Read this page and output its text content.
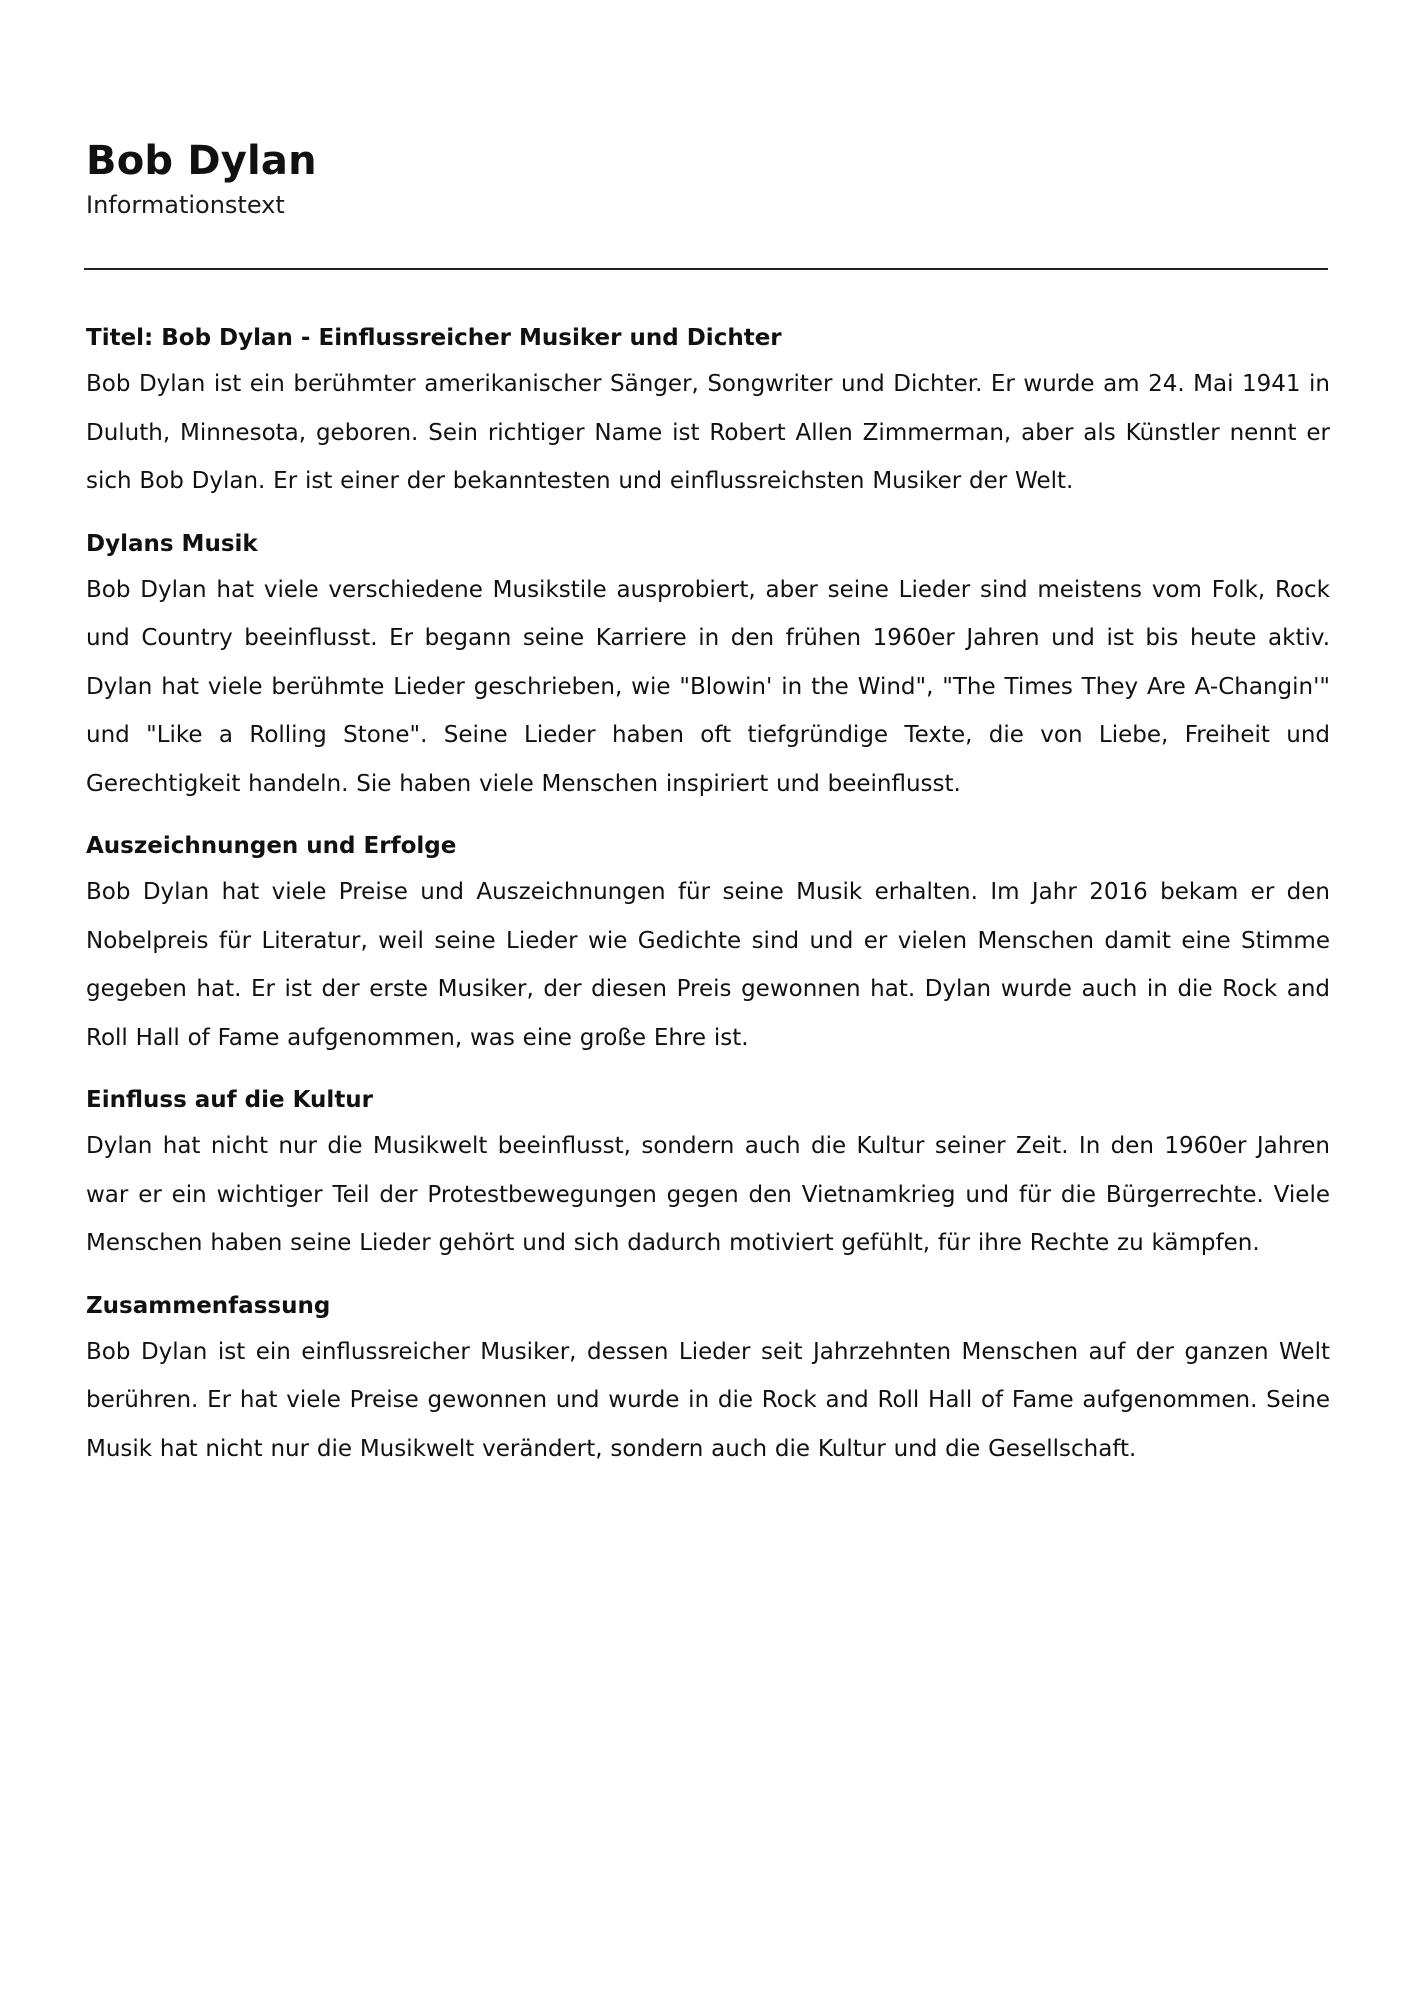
Bob Dylan

Informationstext

Titel: Bob Dylan - Einflussreicher Musiker und Dichter

Bob Dylan ist ein berühmter amerikanischer Sänger, Songwriter und Dichter. Er wurde am 24. Mai 1941 in Duluth, Minnesota, geboren. Sein richtiger Name ist Robert Allen Zimmerman, aber als Künstler nennt er sich Bob Dylan. Er ist einer der bekanntesten und einflussreichsten Musiker der Welt.

Dylans Musik

Bob Dylan hat viele verschiedene Musikstile ausprobiert, aber seine Lieder sind meistens vom Folk, Rock und Country beeinflusst. Er begann seine Karriere in den frühen 1960er Jahren und ist bis heute aktiv. Dylan hat viele berühmte Lieder geschrieben, wie "Blowin' in the Wind", "The Times They Are A-Changin'" und "Like a Rolling Stone". Seine Lieder haben oft tiefgründige Texte, die von Liebe, Freiheit und Gerechtigkeit handeln. Sie haben viele Menschen inspiriert und beeinflusst.

Auszeichnungen und Erfolge

Bob Dylan hat viele Preise und Auszeichnungen für seine Musik erhalten. Im Jahr 2016 bekam er den Nobelpreis für Literatur, weil seine Lieder wie Gedichte sind und er vielen Menschen damit eine Stimme gegeben hat. Er ist der erste Musiker, der diesen Preis gewonnen hat. Dylan wurde auch in die Rock and Roll Hall of Fame aufgenommen, was eine große Ehre ist.

Einfluss auf die Kultur

Dylan hat nicht nur die Musikwelt beeinflusst, sondern auch die Kultur seiner Zeit. In den 1960er Jahren war er ein wichtiger Teil der Protestbewegungen gegen den Vietnamkrieg und für die Bürgerrechte. Viele Menschen haben seine Lieder gehört und sich dadurch motiviert gefühlt, für ihre Rechte zu kämpfen.

Zusammenfassung

Bob Dylan ist ein einflussreicher Musiker, dessen Lieder seit Jahrzehnten Menschen auf der ganzen Welt berühren. Er hat viele Preise gewonnen und wurde in die Rock and Roll Hall of Fame aufgenommen. Seine Musik hat nicht nur die Musikwelt verändert, sondern auch die Kultur und die Gesellschaft.
